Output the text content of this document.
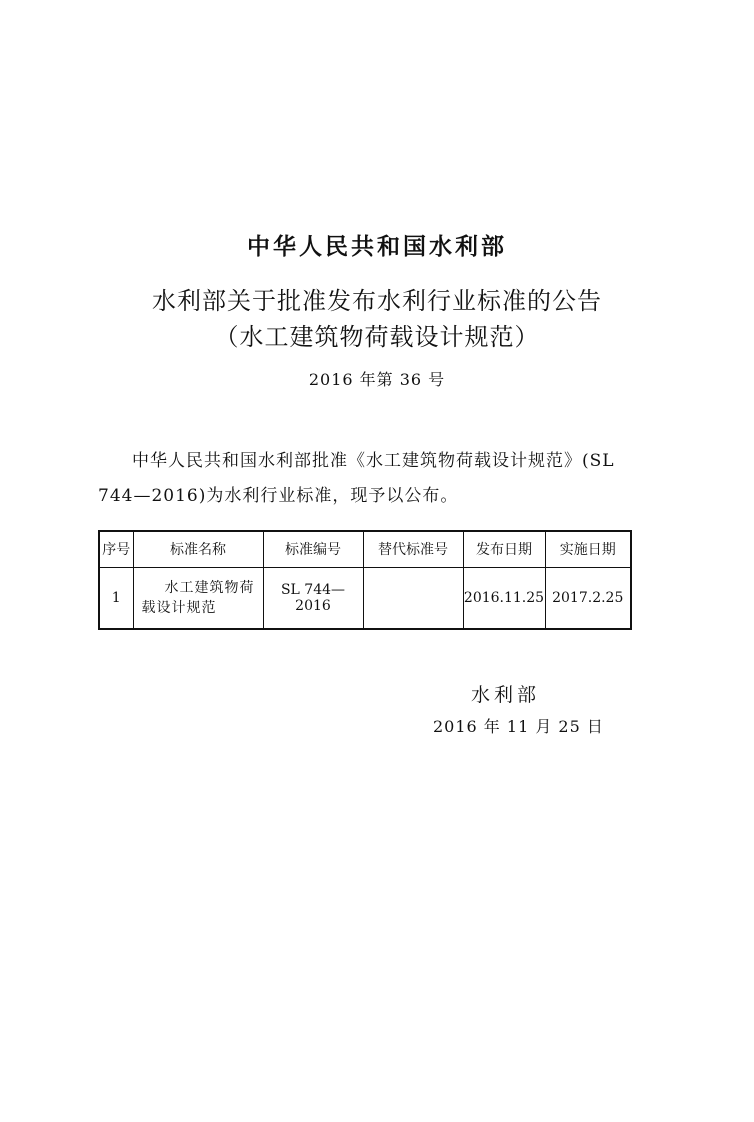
中华人民共和国水利部
水利部关于批准发布水利行业标准的公告
（水工建筑物荷载设计规范）
2016 年第 36 号
中华人民共和国水利部批准《水工建筑物荷载设计规范》(SL 744—2016)为水利行业标准，现予以公布。
序号	标准名称	标准编号	替代标准号	发布日期	实施日期
1	水工建筑物荷
载设计规范	SL 744—2016		2016.11.25	2017.2.25
水利部
2016 年 11 月 25 日
